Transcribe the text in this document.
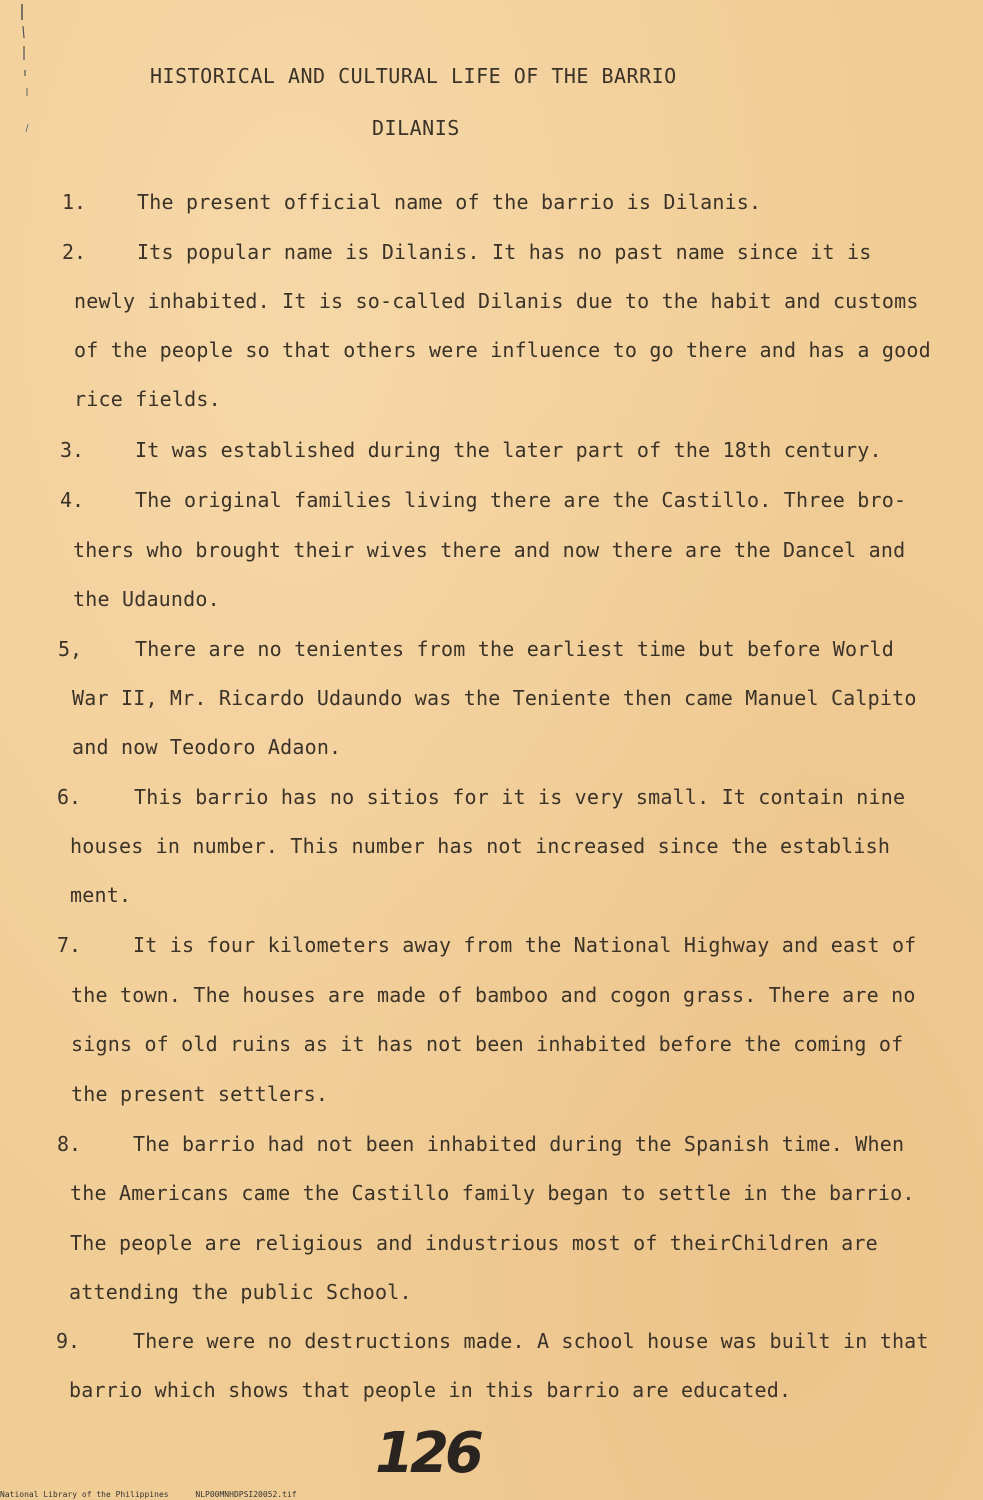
HISTORICAL AND CULTURAL LIFE OF THE BARRIO
DILANIS
1.	The present official name of the barrio is Dilanis.
2.	Its popular name is Dilanis. It has no past name since it is
newly inhabited. It is so-called Dilanis due to the habit and customs
of the people so that others were influence to go there and has a good
rice fields.
3.	It was established during the later part of the 18th century.
4.	The original families living there are the Castillo. Three bro-
thers who brought their wives there and now there are the Dancel and
the Udaundo.
5,	There are no tenientes from the earliest time but before World
War II, Mr. Ricardo Udaundo was the Teniente then came Manuel Calpito
and now Teodoro Adaon.
6.	This barrio has no sitios for it is very small. It contain nine
houses in number. This number has not increased since the establish
ment.
7.	It is four kilometers away from the National Highway and east of
the town. The houses are made of bamboo and cogon grass. There are no
signs of old ruins as it has not been inhabited before the coming of
the present settlers.
8.	The barrio had not been inhabited during the Spanish time. When
the Americans came the Castillo family began to settle in the barrio.
The people are religious and industrious most of theirChildren are
attending the public School.
9.	There were no destructions made. A school house was built in that
barrio which shows that people in this barrio are educated.
126
National Library of the Philippines	NLP00MNHDPSI20052.tif
